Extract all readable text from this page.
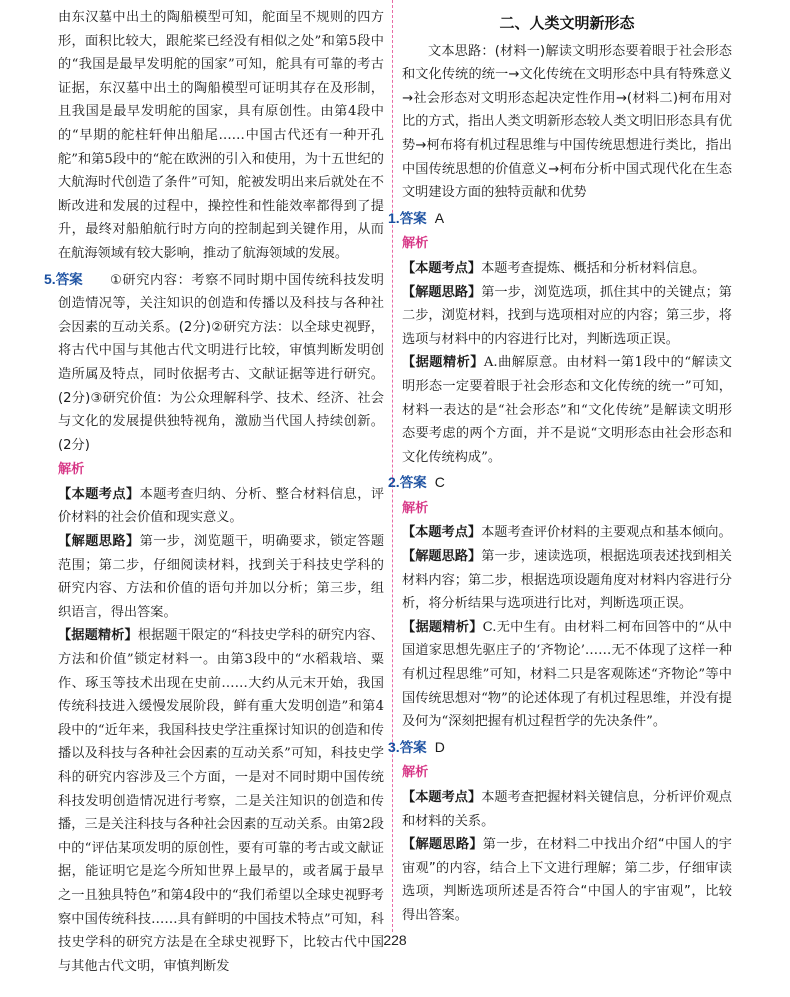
由东汉墓中出土的陶船模型可知，舵面呈不规则的四方形，面积比较大，跟舵桨已经没有相似之处”和第5段中的“我国是最早发明舵的国家”可知，舵具有可靠的考古证据，东汉墓中出土的陶船模型可证明其存在及形制，且我国是最早发明舵的国家，具有原创性。由第4段中的“早期的舵柱轩伸出船尾……中国古代还有一种开孔舵”和第5段中的“舵在欧洲的引入和使用，为十五世纪的大航海时代创造了条件”可知，舵被发明出来后就处在不断改进和发展的过程中，操控性和性能效率都得到了提升，最终对船舶航行时方向的控制起到关键作用，从而在航海领域有较大影响，推动了航海领域的发展。

5. 答案	①研究内容：考察不同时期中国传统科技发明创造情况等，关注知识的创造和传播以及科技与各种社会因素的互动关系。(2分)②研究方法：以全球史视野，将古代中国与其他古代文明进行比较，审慎判断发明创造所属及特点，同时依据考古、文献证据等进行研究。(2分)③研究价值：为公众理解科学、技术、经济、社会与文化的发展提供独特视角，激励当代国人持续创新。(2分)

解析

【本题考点】本题考查归纳、分析、整合材料信息，评价材料的社会价值和现实意义。

【解题思路】第一步，浏览题干，明确要求，锁定答题范围；第二步，仔细阅读材料，找到关于科技史学科的研究内容、方法和价值的语句并加以分析；第三步，组织语言，得出答案。

【据题精析】根据题干限定的“科技史学科的研究内容、方法和价值”锁定材料一。由第3段中的“水稻栽培、粟作、琢玉等技术出现在史前……大约从元末开始，我国传统科技进入缓慢发展阶段，鲜有重大发明创造”和第4段中的“近年来，我国科技史学注重探讨知识的创造和传播以及科技与各种社会因素的互动关系”可知，科技史学科的研究内容涉及三个方面，一是对不同时期中国传统科技发明创造情况进行考察，二是关注知识的创造和传播，三是关注科技与各种社会因素的互动关系。由第2段中的“评估某项发明的原创性，要有可靠的考古或文献证据，能证明它是迄今所知世界上最早的，或者属于最早之一且独具特色”和第4段中的“我们希望以全球史视野考察中国传统科技……具有鲜明的中国技术特点”可知，科技史学科的研究方法是在全球史视野下，比较古代中国与其他古代文明，审慎判断发

二、人类文明新形态

文本思路：(材料一)解读文明形态要着眼于社会形态和文化传统的统一→文化传统在文明形态中具有特殊意义→社会形态对文明形态起决定性作用→(材料二)柯布用对比的方式，指出人类文明新形态较人类文明旧形态具有优势→柯布将有机过程思维与中国传统思想进行类比，指出中国传统思想的价值意义→柯布分析中国式现代化在生态文明建设方面的独特贡献和优势

1. 答案 A
解析

【本题考点】本题考查提炼、概括和分析材料信息。

【解题思路】第一步，浏览选项，抓住其中的关键点；第二步，浏览材料，找到与选项相对应的内容；第三步，将选项与材料中的内容进行比对，判断选项正误。

【据题精析】A.曲解原意。由材料一第1段中的“解读文明形态一定要着眼于社会形态和文化传统的统一”可知，材料一表达的是“社会形态”和“文化传统”是解读文明形态要考虑的两个方面，并不是说“文明形态由社会形态和文化传统构成”。

2. 答案 C
解析

【本题考点】本题考查评价材料的主要观点和基本倾向。

【解题思路】第一步，速读选项，根据选项表述找到相关材料内容；第二步，根据选项设题角度对材料内容进行分析，将分析结果与选项进行比对，判断选项正误。

【据题精析】C.无中生有。由材料二柯布回答中的“从中国道家思想先驱庄子的‘齐物论’……无不体现了这样一种有机过程思维”可知，材料二只是客观陈述“齐物论”等中国传统思想对“物”的论述体现了有机过程思维，并没有提及何为“深刻把握有机过程哲学的先决条件”。

3. 答案 D
解析

【本题考点】本题考查把握材料关键信息，分析评价观点和材料的关系。

【解题思路】第一步，在材料二中找出介绍“中国人的宇宙观”的内容，结合上下文进行理解；第二步，仔细审读选项，判断选项所述是否符合“中国人的宇宙观”，比较得出答案。

228
